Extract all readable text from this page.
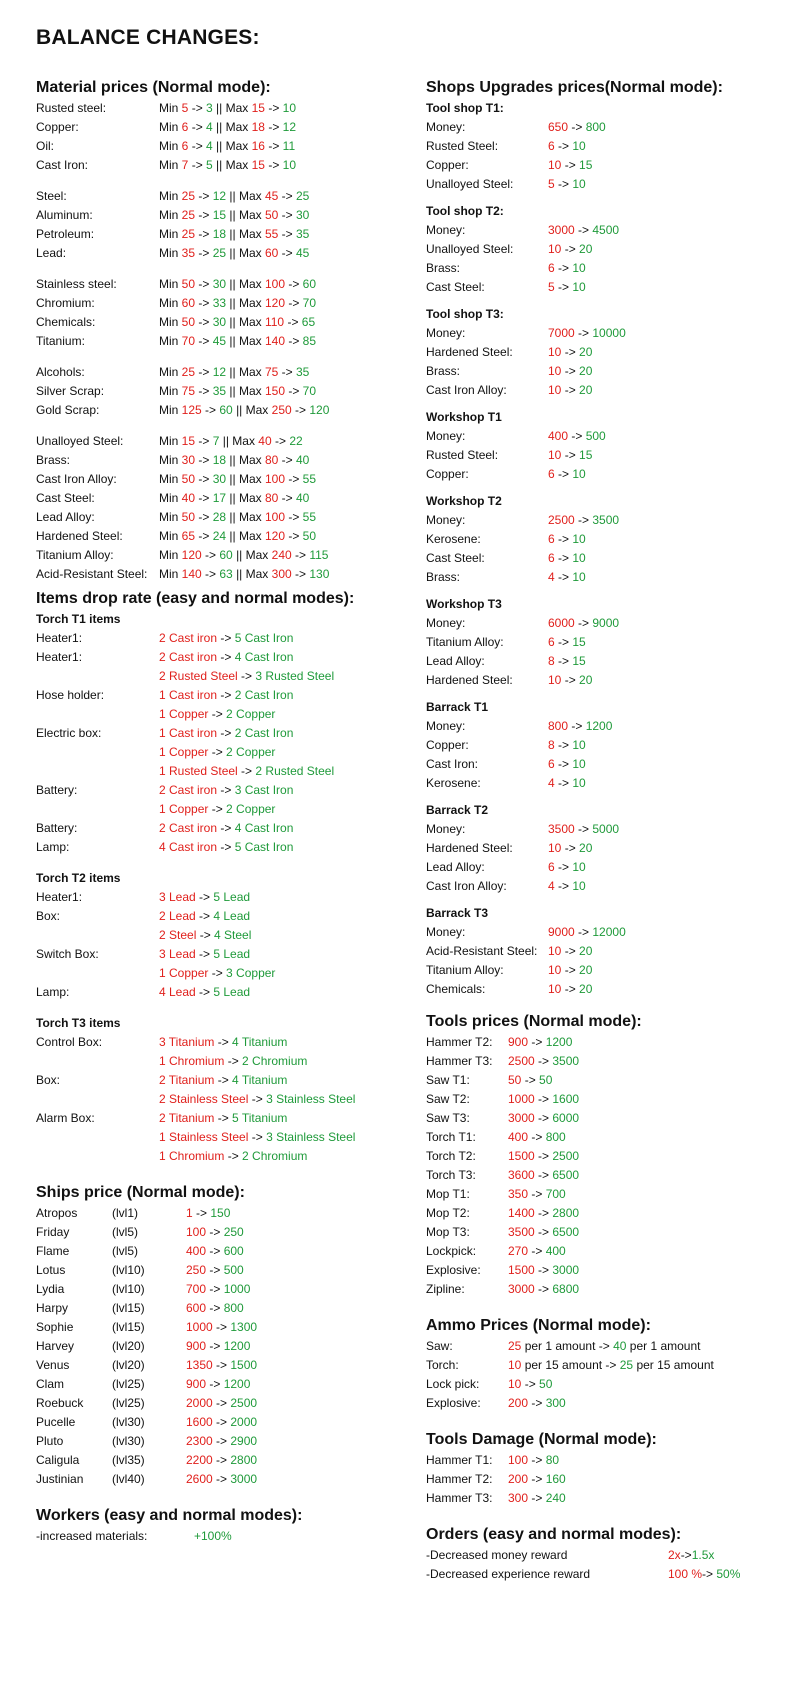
BALANCE CHANGES:
Material prices (Normal mode):
Rusted steel:	Min 5 -> 3 || Max 15 -> 10
Copper:	Min 6 -> 4 || Max 18 -> 12
Oil:	Min 6 -> 4 || Max 16 -> 11
Cast Iron:	Min 7 -> 5 || Max 15 -> 10
Steel:	Min 25 -> 12 || Max 45 -> 25
Aluminum:	Min 25 -> 15 || Max 50 -> 30
Petroleum:	Min 25 -> 18 || Max 55 -> 35
Lead:	Min 35 -> 25 || Max 60 -> 45
Stainless steel:	Min 50 -> 30 || Max 100 -> 60
Chromium:	Min 60 -> 33 || Max 120 -> 70
Chemicals:	Min 50 -> 30 || Max 110 -> 65
Titanium:	Min 70 -> 45 || Max 140 -> 85
Alcohols:	Min 25 -> 12 || Max 75 -> 35
Silver Scrap:	Min 75 -> 35 || Max 150 -> 70
Gold Scrap:	Min 125 -> 60 || Max 250 -> 120
Unalloyed Steel:	Min 15 -> 7 || Max 40 -> 22
Brass:	Min 30 -> 18 || Max 80 -> 40
Cast Iron Alloy:	Min 50 -> 30 || Max 100 -> 55
Cast Steel:	Min 40 -> 17 || Max 80 -> 40
Lead Alloy:	Min 50 -> 28 || Max 100 -> 55
Hardened Steel:	Min 65 -> 24 || Max 120 -> 50
Titanium Alloy:	Min 120 -> 60 || Max 240 -> 115
Acid-Resistant Steel: Min 140 -> 63 || Max 300 -> 130
Items drop rate (easy and normal modes):
Torch T1 items
Heater1:	2 Cast iron -> 5 Cast Iron
Heater1:	2 Cast iron -> 4 Cast Iron
2 Rusted Steel -> 3 Rusted Steel
Hose holder:	1 Cast iron -> 2 Cast Iron
1 Copper -> 2 Copper
Electric box:	1 Cast iron -> 2 Cast Iron
1 Copper -> 2 Copper
1 Rusted Steel -> 2 Rusted Steel
Battery:	2 Cast iron -> 3 Cast Iron
1 Copper -> 2 Copper
Battery:	2 Cast iron -> 4 Cast Iron
Lamp:	4 Cast iron -> 5 Cast Iron
Torch T2 items
Heater1:	3 Lead -> 5 Lead
Box:	2 Lead -> 4 Lead
2 Steel -> 4 Steel
Switch Box:	3 Lead -> 5 Lead
1 Copper -> 3 Copper
Lamp:	4 Lead -> 5 Lead
Torch T3 items
Control Box:	3 Titanium -> 4 Titanium
1 Chromium -> 2 Chromium
Box:	2 Titanium -> 4 Titanium
2 Stainless Steel -> 3 Stainless Steel
Alarm Box:	2 Titanium -> 5 Titanium
1 Stainless Steel -> 3 Stainless Steel
1 Chromium -> 2 Chromium
Ships price (Normal mode):
Atropos	(lvl1)	1 -> 150
Friday	(lvl5)	100 -> 250
Flame	(lvl5)	400 -> 600
Lotus	(lvl10)	250 -> 500
Lydia	(lvl10)	700 -> 1000
Harpy	(lvl15)	600 -> 800
Sophie	(lvl15)	1000 -> 1300
Harvey	(lvl20)	900 -> 1200
Venus	(lvl20)	1350 -> 1500
Clam	(lvl25)	900 -> 1200
Roebuck (lvl25)	2000 -> 2500
Pucelle	(lvl30)	1600 -> 2000
Pluto	(lvl30)	2300 -> 2900
Caligula	(lvl35)	2200 -> 2800
Justinian (lvl40)	2600 -> 3000
Workers (easy and normal modes):
-increased materials:	+100%
Shops Upgrades prices(Normal mode):
Tool shop T1:
Money:	650 -> 800
Rusted Steel:	6 -> 10
Copper:	10 -> 15
Unalloyed Steel:	5 -> 10
Tool shop T2:
Money:	3000 -> 4500
Unalloyed Steel:	10 -> 20
Brass:	6 -> 10
Cast Steel:	5 -> 10
Tool shop T3:
Money:	7000 -> 10000
Hardened Steel:	10 -> 20
Brass:	10 -> 20
Cast Iron Alloy:	10 -> 20
Workshop T1
Money:	400 -> 500
Rusted Steel:	10 -> 15
Copper:	6 -> 10
Workshop T2
Money:	2500 -> 3500
Kerosene:	6 -> 10
Cast Steel:	6 -> 10
Brass:	4 -> 10
Workshop T3
Money:	6000 -> 9000
Titanium Alloy:	6 -> 15
Lead Alloy:	8 -> 15
Hardened Steel:	10 -> 20
Barrack T1
Money:	800 -> 1200
Copper:	8 -> 10
Cast Iron:	6 -> 10
Kerosene:	4 -> 10
Barrack T2
Money:	3500 -> 5000
Hardened Steel:	10 -> 20
Lead Alloy:	6 -> 10
Cast Iron Alloy:	4 -> 10
Barrack T3
Money:	9000 -> 12000
Acid-Resistant Steel: 10 -> 20
Titanium Alloy:	10 -> 20
Chemicals:	10 -> 20
Tools prices (Normal mode):
Hammer T2: 900 -> 1200
Hammer T3: 2500 -> 3500
Saw T1:	50 -> 50
Saw T2:	1000 -> 1600
Saw T3:	3000 -> 6000
Torch T1:	400 -> 800
Torch T2:	1500 -> 2500
Torch T3:	3600 -> 6500
Mop T1:	350 -> 700
Mop T2:	1400 -> 2800
Mop T3:	3500 -> 6500
Lockpick:	270 -> 400
Explosive: 1500 -> 3000
Zipline:	3000 -> 6800
Ammo Prices (Normal mode):
Saw:	25 per 1 amount -> 40 per 1 amount
Torch:	10 per 15 amount -> 25 per 15 amount
Lock pick: 10 -> 50
Explosive: 200 -> 300
Tools Damage (Normal mode):
Hammer T1: 100 -> 80
Hammer T2: 200 -> 160
Hammer T3: 300 -> 240
Orders (easy and normal modes):
-Decreased money reward	2x->1.5x
-Decreased experience reward	100 %-> 50%
